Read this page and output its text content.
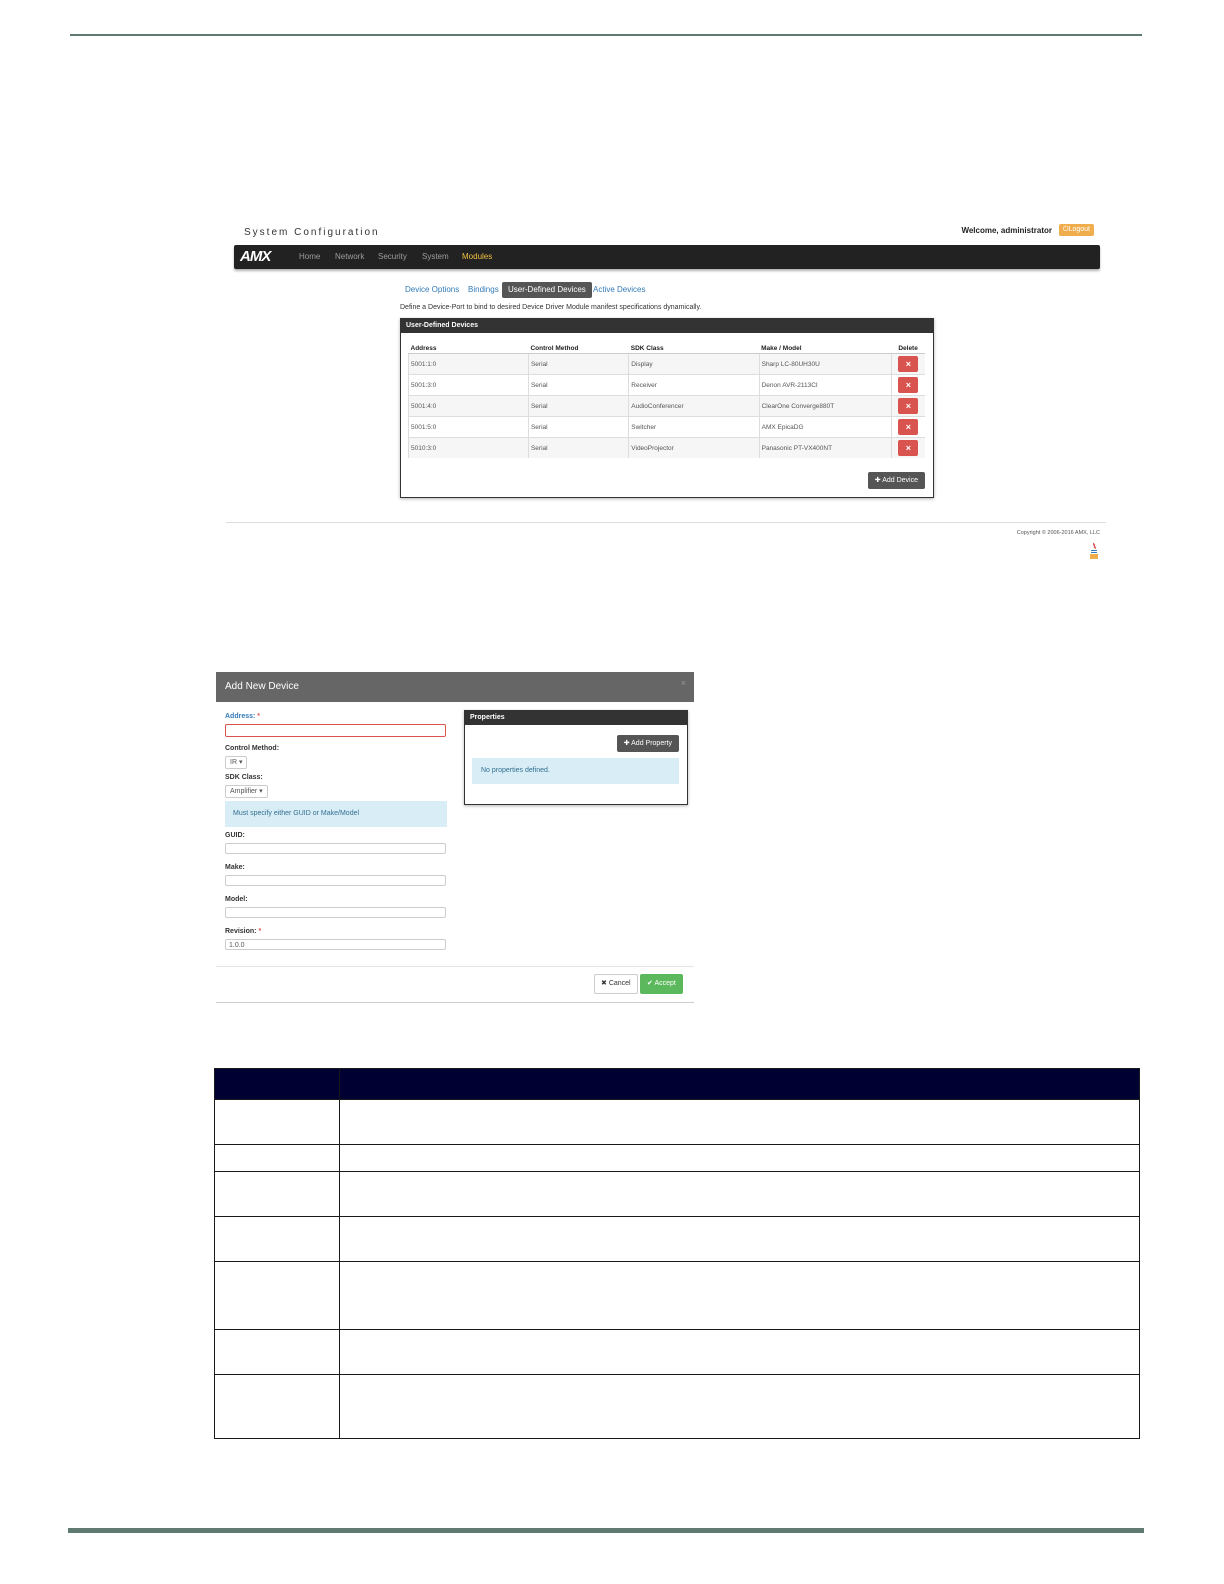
System Configuration	Welcome, administrator	⏻Logout
AMX	Home Network Security System Modules
Device Options Bindings	User-Defined Devices Active Devices
Define a Device-Port to bind to desired Device Driver Module manifest specifications dynamically.
User-Defined Devices
Address	Control Method	SDK Class	Make / Model	Delete
5001:1:0	Serial	Display	Sharp LC-80UH30U	×

5001:3:0	Serial	Receiver	Denon AVR-2113CI	×

5001:4:0	Serial	AudioConferencer	ClearOne Converge880T	×

5001:5:0	Serial	Switcher	AMX EpicaDG	×

5010:3:0	Serial	VideoProjector	Panasonic PT-VX400NT	×
✚ Add Device
Copyright © 2006-2016 AMX, LLC
Add New Device	×
Address: *
Control Method:
IR ▾
SDK Class:
Amplifier ▾
Must specify either GUID or Make/Model
GUID:
Make:
Model:
Revision: *
1.0.0
Properties
✚ Add Property
No properties defined.
✖ Cancel	✔ Accept
